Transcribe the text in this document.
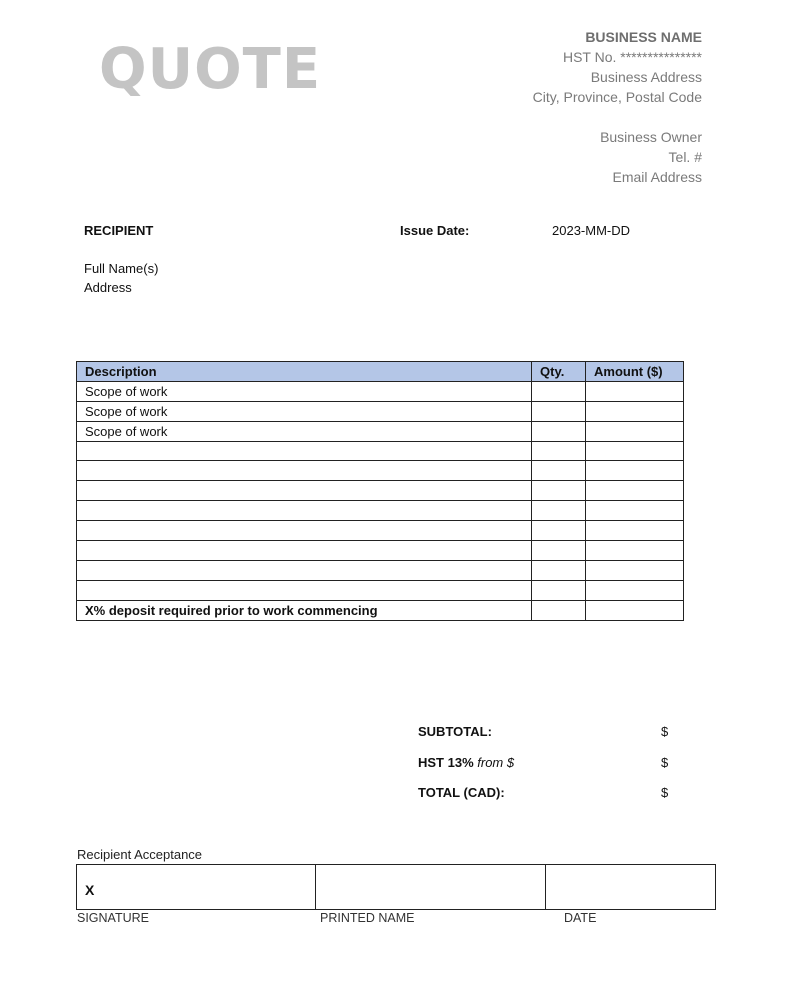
QUOTE	BUSINESS NAME
HST No. ***************
Business Address
City, Province, Postal Code
Business Owner
Tel. #
Email Address
RECIPIENT	Issue Date:	2023-MM-DD
Full Name(s)
Address
Description	Qty.	Amount ($)
Scope of work		
Scope of work		
Scope of work		

X% deposit required prior to work commencing		
SUBTOTAL:	$
HST 13% from $	$
TOTAL (CAD):	$
Recipient Acceptance
X
SIGNATURE	PRINTED NAME	DATE
